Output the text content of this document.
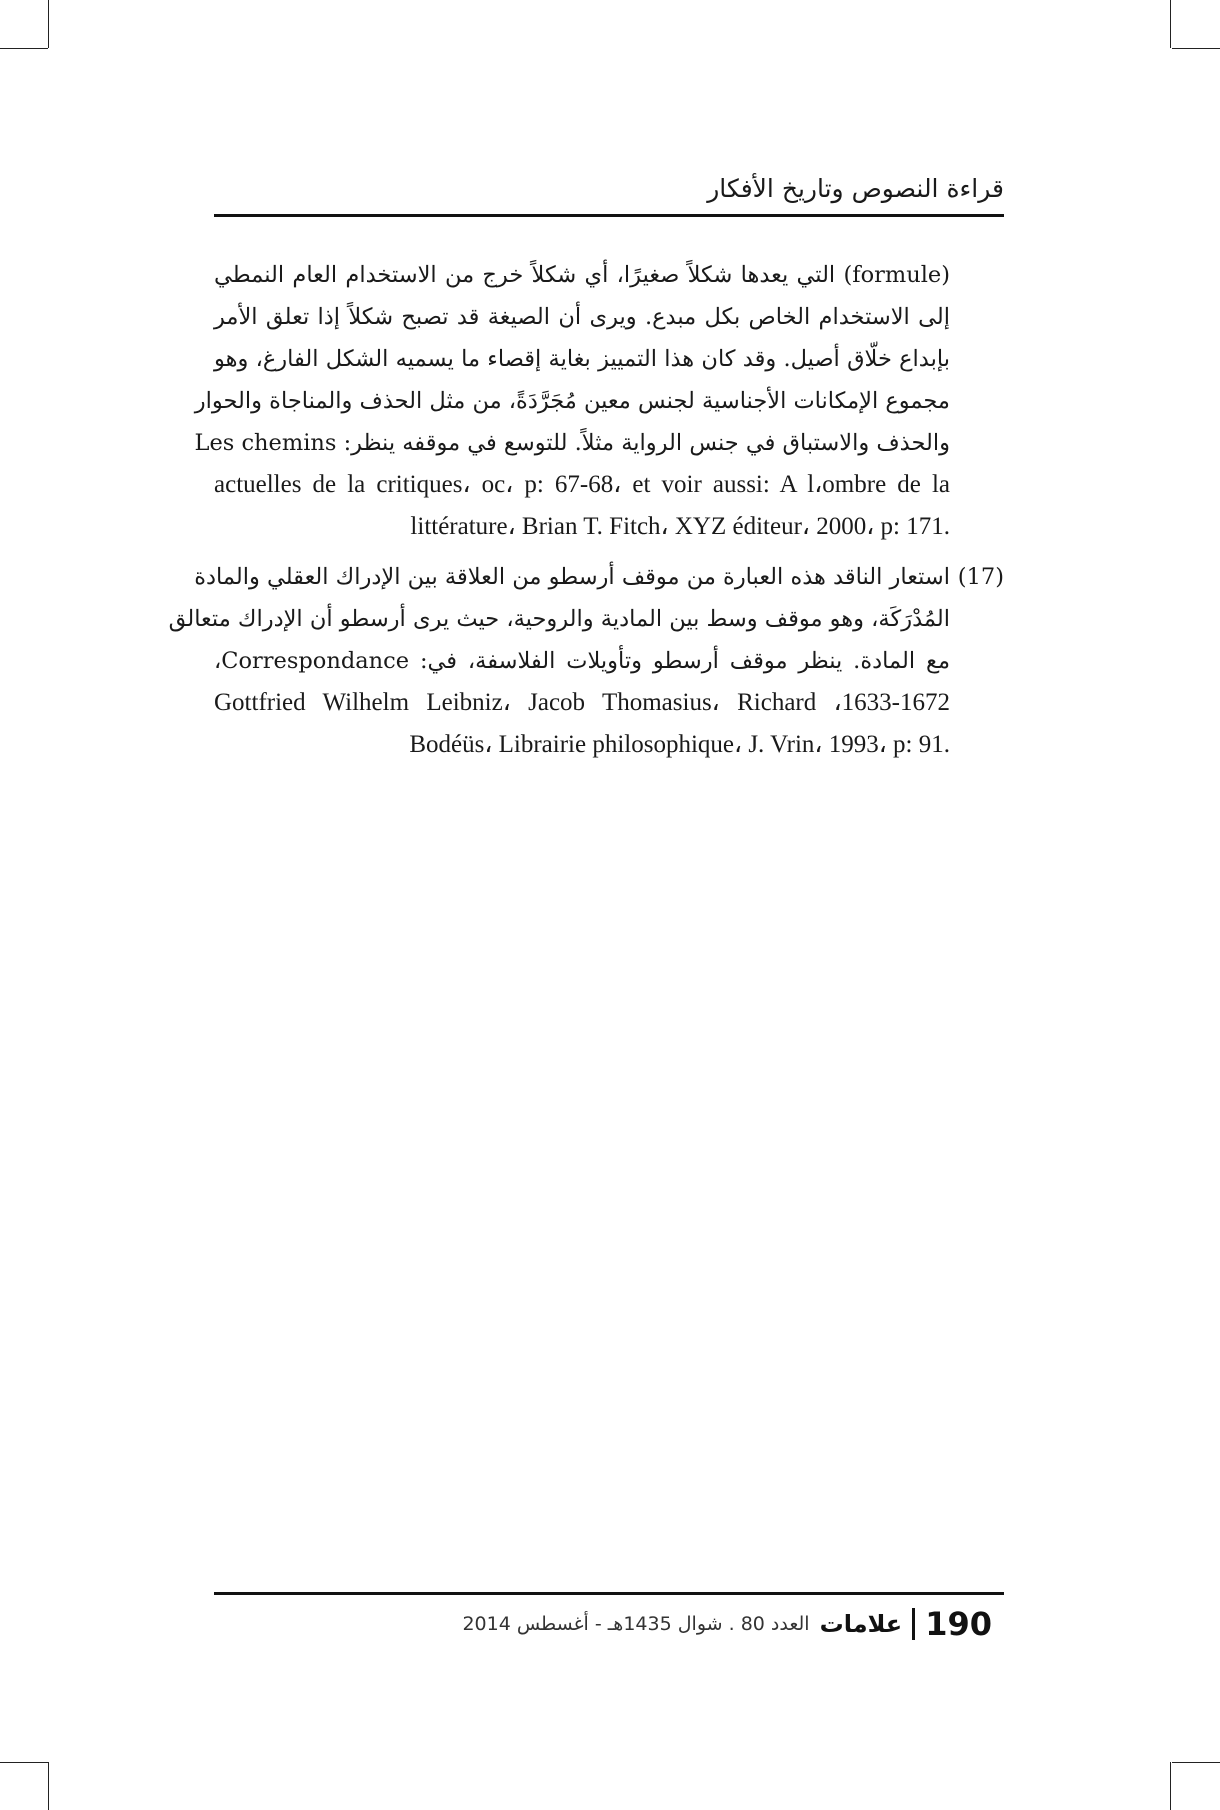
قراءة النصوص وتاريخ الأفكار
(formule) التي يعدها شكلاً صغيرًا، أي شكلاً خرج من الاستخدام العام النمطي
إلى الاستخدام الخاص بكل مبدع. ويرى أن الصيغة قد تصبح شكلاً إذا تعلق الأمر
بإبداع خلّاق أصيل. وقد كان هذا التمييز بغاية إقصاء ما يسميه الشكل الفارغ، وهو
مجموع الإمكانات الأجناسية لجنس معين مُجَرَّدَةً، من مثل الحذف والمناجاة والحوار
والحذف والاستباق في جنس الرواية مثلاً. للتوسع في موقفه ينظر: Les chemins
actuelles de la critiques، oc، p: 67-68، et voir aussi: A l،ombre de la
.littérature، Brian T. Fitch، XYZ éditeur، 2000، p: 171
(17)
استعار الناقد هذه العبارة من موقف أرسطو من العلاقة بين الإدراك العقلي والمادة
المُدْرَكَة، وهو موقف وسط بين المادية والروحية، حيث يرى أرسطو أن الإدراك متعالق
مع المادة. ينظر موقف أرسطو وتأويلات الفلاسفة، في: Correspondance،
1633-1672، Gottfried Wilhelm Leibniz، Jacob Thomasius، Richard
.Bodéüs، Librairie philosophique، J. Vrin، 1993، p: 91
العدد 80 . شوال 1435هـ - أغسطس 2014 علامات 190
